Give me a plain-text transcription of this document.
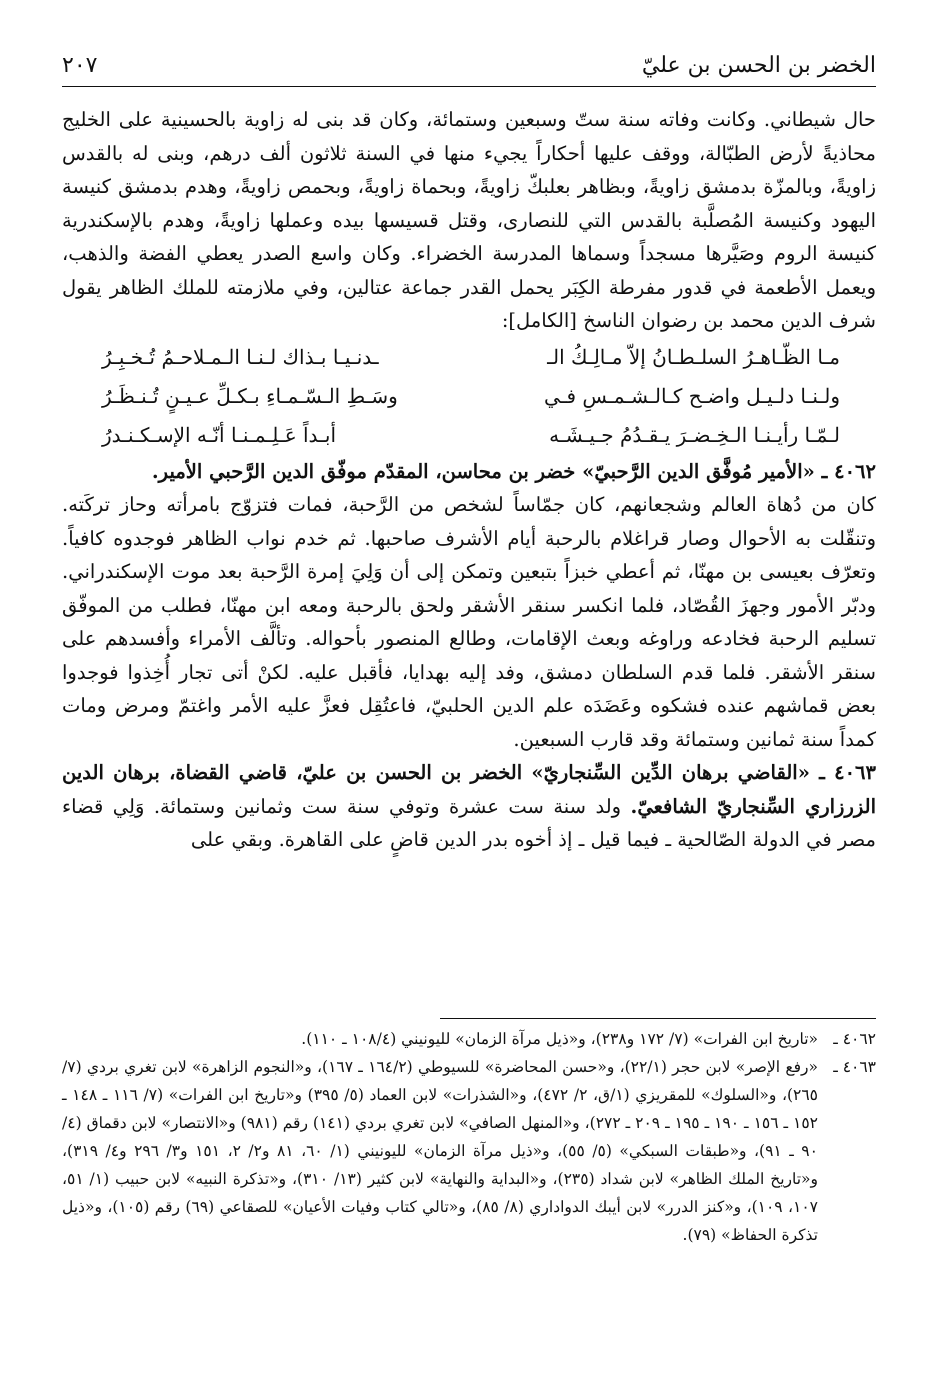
الخضر بن الحسن بن عليّ
٢٠٧

حال شيطاني. وكانت وفاته سنة ستّ وسبعين وستمائة، وكان قد بنى له زاوية بالحسينية على الخليج محاذيةً لأرض الطبّالة، ووقف عليها أحكاراً يجيء منها في السنة ثلاثون ألف درهم، وبنى له بالقدس زاويةً، وبالمزّة بدمشق زاويةً، وبظاهر بعلبكّ زاويةً، وبحماة زاويةً، وبحمص زاويةً، وهدم بدمشق كنيسة اليهود وكنيسة المُصلَّبة بالقدس التي للنصارى، وقتل قسيسها بيده وعملها زاويةً، وهدم بالإسكندرية كنيسة الروم وصَيَّرها مسجداً وسماها المدرسة الخضراء. وكان واسع الصدر يعطي الفضة والذهب، ويعمل الأطعمة في قدور مفرطة الكِبَر يحمل القدر جماعة عتالين، وفي ملازمته للملك الظاهر يقول شرف الدين محمد بن رضوان الناسخ [الكامل]:

مـا الظّـاهـرُ السلـطـانُ إلاّ مـالِـكُ الـ
ـدنـيـا بـذاك لـنـا الـمـلاحـمُ تُـخـبِـرُ
ولـنـا دلـيـل واضـح كـالـشـمـسِ فـي
وسَـطِ الـسّـمـاءِ بـكـلِّ عـيـنٍ تُـنـظَـرُ
لـمّـا رأيـنـا الـخِـضـرَ يـقـدُمُ جـيـشَـه
أبـداً عَـلِـمـنـا أنّـه الإسـكـنـدرُ

٤٠٦٢ ـ «الأمير مُوفَّق الدين الرَّحبيّ» خضر بن محاسن، المقدّم موفّق الدين الرَّحبي الأمير.

كان من دُهاة العالم وشجعانهم، كان جمّاساً لشخص من الرَّحبة، فمات فتزوّج بامرأته وحاز تركَته. وتنقّلت به الأحوال وصار قراغلام بالرحبة أيام الأشرف صاحبها. ثم خدم نواب الظاهر فوجدوه كافياً. وتعرّف بعيسى بن مهنّا، ثم أعطي خبزاً بتبعين وتمكن إلى أن وَلِيَ إمرة الرَّحبة بعد موت الإسكندراني. ودبّر الأمور وجهزَ القُصّاد، فلما انكسر سنقر الأشقر ولحق بالرحبة ومعه ابن مهنّا، فطلب من الموفّق تسليم الرحبة فخادعه وراوغه وبعث الإقامات، وطالع المنصور بأحواله. وتألَّف الأمراء وأفسدهم على سنقر الأشقر. فلما قدم السلطان دمشق، وفد إليه بهدايا، فأقبل عليه. لكنْ أتى تجار أُخِذوا فوجدوا بعض قماشهم عنده فشكوه وعَضَدَه علم الدين الحلبيّ، فاعتُقِل فعزَّ عليه الأمر واغتمّ ومرض ومات كمداً سنة ثمانين وستمائة وقد قارب السبعين.

٤٠٦٣ ـ «القاضي برهان الدِّين السِّنجاريّ» الخضر بن الحسن بن عليّ، قاضي القضاة، برهان الدين الزرزاري السِّنجاريّ الشافعيّ. ولد سنة ست عشرة وتوفي سنة ست وثمانين وستمائة. وَلِي قضاء مصر في الدولة الصّالحية ـ فيما قيل ـ إذ أخوه بدر الدين قاضٍ على القاهرة. وبقي على

٤٠٦٢ ـ
«تاريخ ابن الفرات» (٧/ ١٧٢ و٢٣٨)، و«ذيل مرآة الزمان» لليونيني (١٠٨/٤ ـ ١١٠).
٤٠٦٣ ـ
«رفع الإصر» لابن حجر (٢٢/١)، و«حسن المحاضرة» للسيوطي (١٦٤/٢ ـ ١٦٧)، و«النجوم الزاهرة» لابن تغري بردي (٧/ ٢٦٥)، و«السلوك» للمقريزي (١/ق، ٢/ ٤٧٢)، و«الشذرات» لابن العماد (٥/ ٣٩٥) و«تاريخ ابن الفرات» (٧/ ١١٦ ـ ١٤٨ ـ ١٥٢ ـ ١٥٦ ـ ١٩٠ ـ ١٩٥ ـ ٢٠٩ ـ ٢٧٢)، و«المنهل الصافي» لابن تغري بردي (١٤١) رقم (٩٨١) و«الانتصار» لابن دقماق (٤/ ٩٠ ـ ٩١)، و«طبقات السبكي» (٥/ ٥٥)، و«ذيل مرآة الزمان» لليونيني (١/ ٦٠، ٨١ و٢/ ٢، ١٥١ و٣/ ٢٩٦ و٤/ ٣١٩)، و«تاريخ الملك الظاهر» لابن شداد (٢٣٥)، و«البداية والنهاية» لابن كثير (١٣/ ٣١٠)، و«تذكرة النبيه» لابن حبيب (١/ ٥١، ١٠٧، ١٠٩)، و«كنز الدرر» لابن أيبك الدواداري (٨/ ٨٥)، و«تالي كتاب وفيات الأعيان» للصقاعي (٦٩) رقم (١٠٥)، و«ذيل تذكرة الحفاظ» (٧٩).
